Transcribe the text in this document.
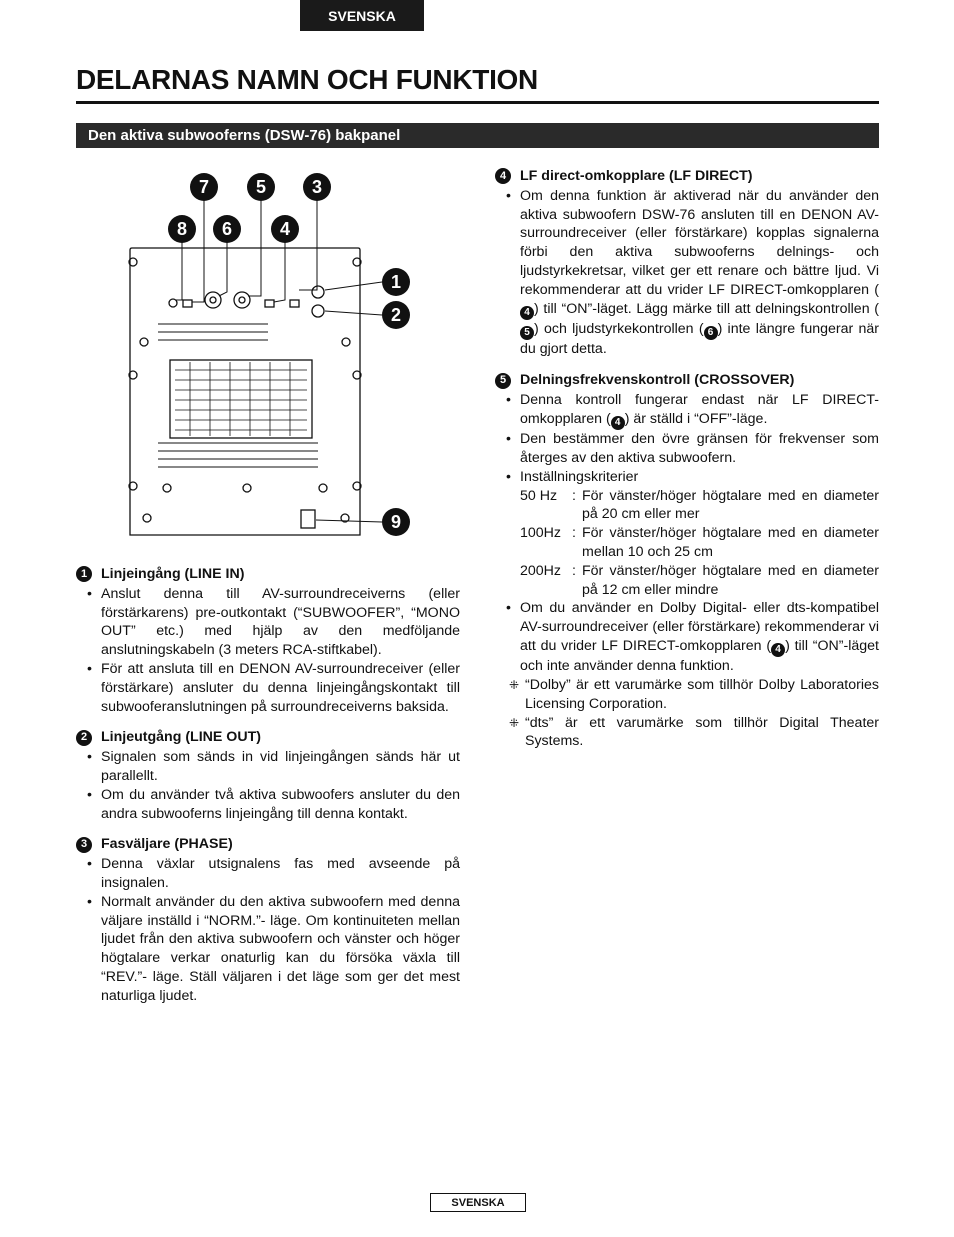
SVENSKA
DELARNAS NAMN OCH FUNKTION
Den aktiva subwooferns (DSW-76) bakpanel
7	5	3
8 6	4
1
2
9
1 Linjeingång (LINE IN)
• Anslut denna till AV-surroundreceiverns (eller förstärkarens) pre-outkontakt (“SUBWOOFER”, “MONO OUT” etc.) med hjälp av den medföljande anslutningskabeln (3 meters RCA-stiftkabel).
• För att ansluta till en DENON AV-surroundreceiver (eller förstärkare) ansluter du denna linjeingångskontakt till subwooferanslutningen på surroundreceiverns baksida.
2 Linjeutgång (LINE OUT)
• Signalen som sänds in vid linjeingången sänds här ut parallellt.
• Om du använder två aktiva subwoofers ansluter du den andra subwooferns linjeingång till denna kontakt.
3 Fasväljare (PHASE)
• Denna växlar utsignalens fas med avseende på insignalen.
• Normalt använder du den aktiva subwoofern med denna väljare inställd i “NORM.”- läge. Om kontinuiteten mellan ljudet från den aktiva subwoofern och vänster och höger högtalare verkar onaturlig kan du försöka växla till “REV.”- läge. Ställ väljaren i det läge som ger det mest naturliga ljudet.
4 LF direct-omkopplare (LF DIRECT)
• Om denna funktion är aktiverad när du använder den aktiva subwoofern DSW-76 ansluten till en DENON AV-surroundreceiver (eller förstärkare) kopplas signalerna förbi den aktiva subwooferns delnings- och ljudstyrkekretsar, vilket ger ett renare och bättre ljud. Vi rekommenderar att du vrider LF DIRECT-omkopplaren (4 ) till “ON”-läget. Lägg märke till att delningskontrollen (5 ) och ljudstyrkekontrollen ( 6 ) inte längre fungerar när du gjort detta.
5 Delningsfrekvenskontroll (CROSSOVER)
• Denna kontroll fungerar endast när LF DIRECT-omkopplaren ( 4 ) är ställd i “OFF”-läge.
• Den bestämmer den övre gränsen för frekvenser som återges av den aktiva subwoofern.
• Inställningskriterier
50 Hz	: För vänster/höger högtalare med en diameter på 20 cm eller mer
100Hz : För vänster/höger högtalare med en diameter mellan 10 och 25 cm
200Hz : För vänster/höger högtalare med en diameter på 12 cm eller mindre
• Om du använder en Dolby Digital- eller dts-kompatibel AV-surroundreceiver (eller förstärkare) rekommenderar vi att du vrider LF DIRECT-omkopplaren ( 4 ) till “ON”-läget och inte använder denna funktion.
⁜ “Dolby” är ett varumärke som tillhör Dolby Laboratories Licensing Corporation.
⁜ “dts” är ett varumärke som tillhör Digital Theater Systems.
SVENSKA
